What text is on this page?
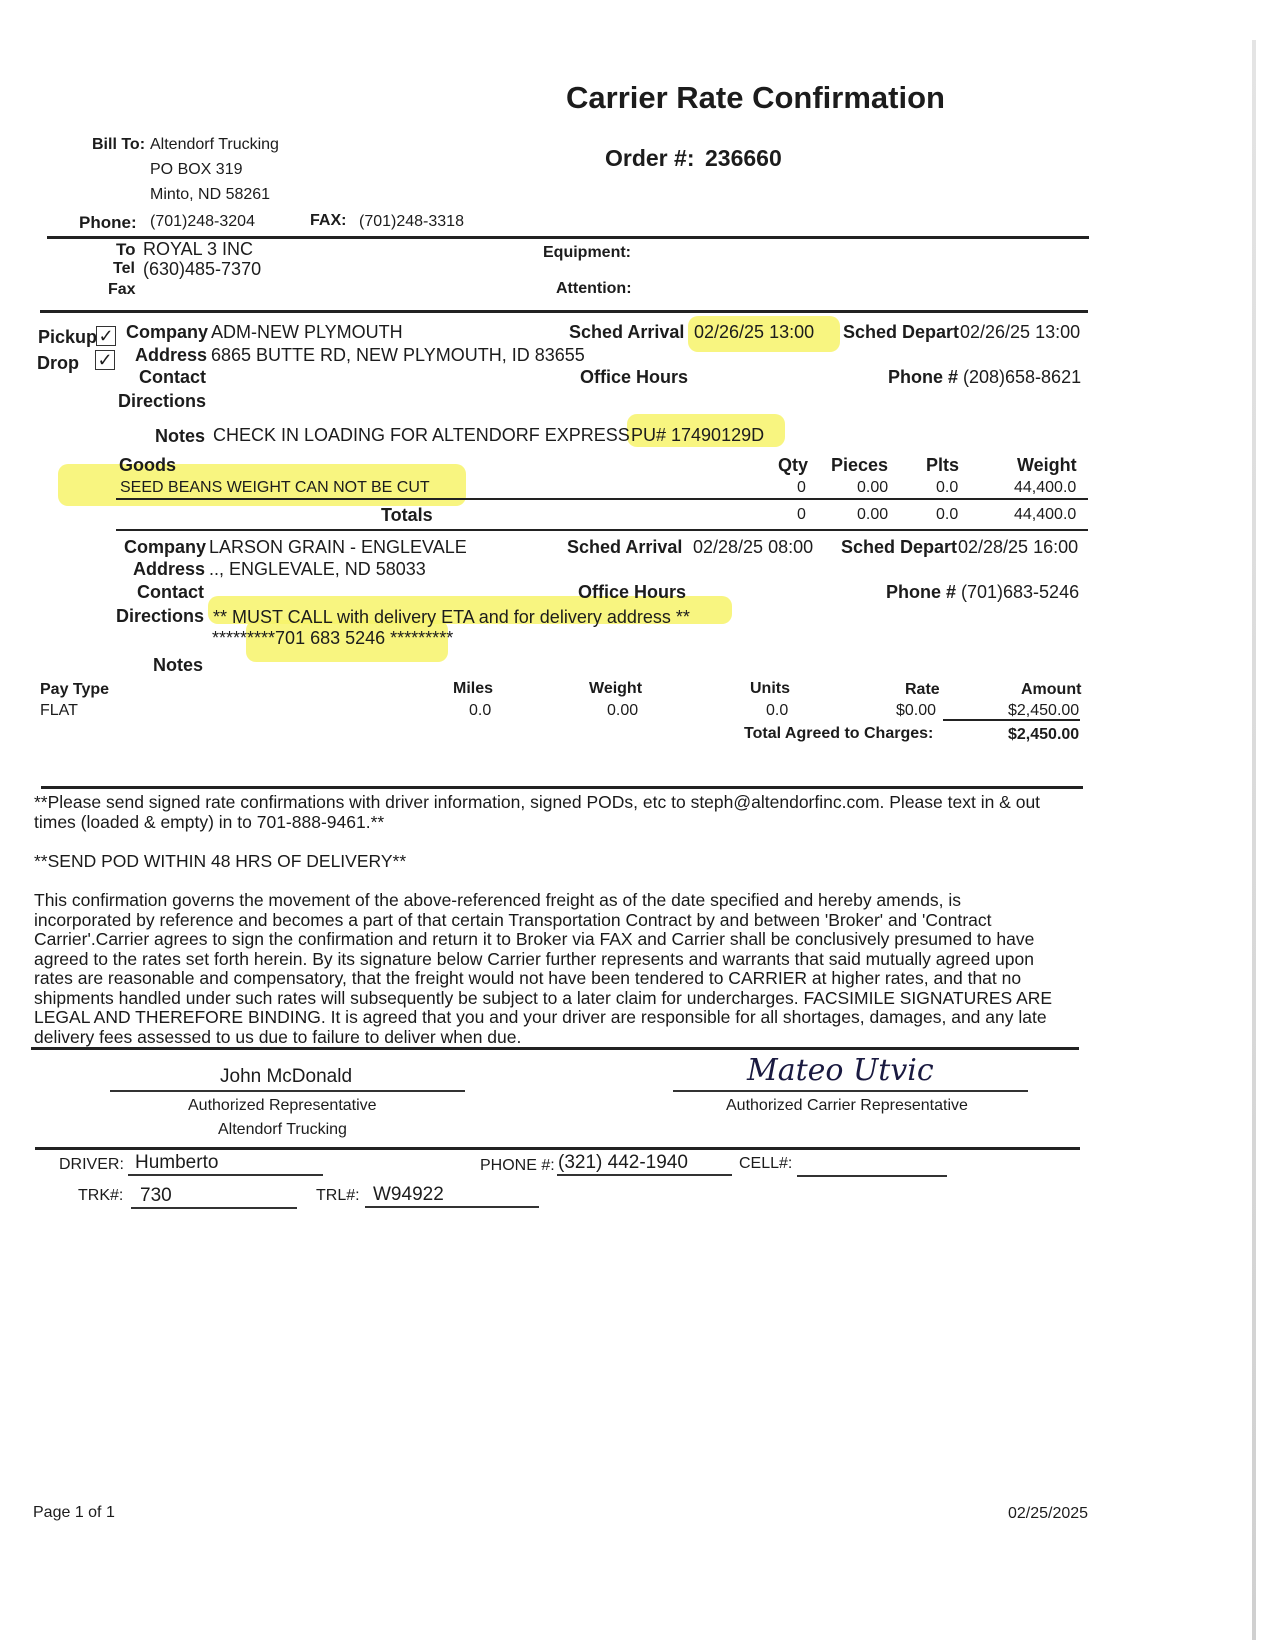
Carrier Rate Confirmation
Order #: 236660
Bill To: Altendorf Trucking
PO BOX 319
Minto, ND 58261
Phone: (701)248-3204	FAX: (701)248-3318
To ROYAL 3 INC
Tel (630)485-7370
Fax
Equipment:
Attention:
Pickup ✓
Drop ✓
Company ADM-NEW PLYMOUTH
Address 6865 BUTTE RD, NEW PLYMOUTH, ID 83655
Contact
Directions
Sched Arrival 02/26/25 13:00 Sched Depart 02/26/25 13:00
Office Hours	Phone # (208)658-8621
Notes CHECK IN LOADING FOR ALTENDORF EXPRESS PU# 17490129D
Goods	Qty Pieces Plts	Weight
SEED BEANS WEIGHT CAN NOT BE CUT	0	0.00	0.0	44,400.0
Totals	0	0.00	0.0	44,400.0
Company LARSON GRAIN - ENGLEVALE
Address .., ENGLEVALE, ND 58033
Contact
Directions ** MUST CALL with delivery ETA and for delivery address **
*********701 683 5246 *********
Notes
Sched Arrival 02/28/25 08:00 Sched Depart 02/28/25 16:00
Office Hours	Phone # (701)683-5246
Pay Type	Miles	Weight	Units	Rate	Amount
FLAT	0.0	0.00	0.0	$0.00	$2,450.00
Total Agreed to Charges:	$2,450.00
**Please send signed rate confirmations with driver information, signed PODs, etc to steph@altendorfinc.com. Please text in & out
times (loaded & empty) in to 701-888-9461.**
**SEND POD WITHIN 48 HRS OF DELIVERY**
This confirmation governs the movement of the above-referenced freight as of the date specified and hereby amends, is
incorporated by reference and becomes a part of that certain Transportation Contract by and between 'Broker' and 'Contract
Carrier'.Carrier agrees to sign the confirmation and return it to Broker via FAX and Carrier shall be conclusively presumed to have
agreed to the rates set forth herein. By its signature below Carrier further represents and warrants that said mutually agreed upon
rates are reasonable and compensatory, that the freight would not have been tendered to CARRIER at higher rates, and that no
shipments handled under such rates will subsequently be subject to a later claim for undercharges. FACSIMILE SIGNATURES ARE
LEGAL AND THEREFORE BINDING. It is agreed that you and your driver are responsible for all shortages, damages, and any late
delivery fees assessed to us due to failure to deliver when due.
John McDonald
Authorized Representative
Altendorf Trucking
Mateo Utvic
Authorized Carrier Representative
DRIVER: Humberto	PHONE #: (321) 442-1940	CELL#:
TRK#: 730	TRL#: W94922
Page 1 of 1	02/25/2025
